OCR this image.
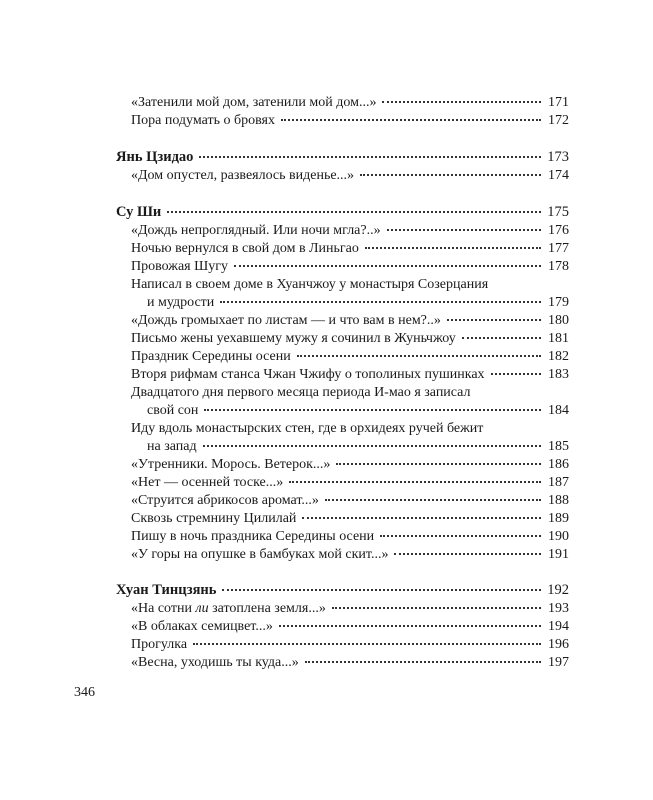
«Затенили мой дом, затенили мой дом...»	171
Пора подумать о бровях	172
Янь Цзидао	173
«Дом опустел, развеялось виденье...»	174
Су Ши	175
«Дождь непроглядный. Или ночи мгла?..»	176
Ночью вернулся в свой дом в Линьгао	177
Провожая Шугу	178
Написал в своем доме в Хуанчжоу у монастыря Созерцания
и мудрости	179
«Дождь громыхает по листам — и что вам в нем?..»	180
Письмо жены уехавшему мужу я сочинил в Жуньчжоу	181
Праздник Середины осени	182
Вторя рифмам станса Чжан Чжифу о тополиных пушинках	183
Двадцатого дня первого месяца периода И-мао я записал
свой сон	184
Иду вдоль монастырских стен, где в орхидеях ручей бежит
на запад	185
«Утренники. Морось. Ветерок...»	186
«Нет — осенней тоске...»	187
«Струится абрикосов аромат...»	188
Сквозь стремнину Цилилай	189
Пишу в ночь праздника Середины осени	190
«У горы на опушке в бамбуках мой скит...»	191
Хуан Тинцзянь	192
«На сотни ли затоплена земля...»	193
«В облаках семицвет...»	194
Прогулка	196
«Весна, уходишь ты куда...»	197
346
